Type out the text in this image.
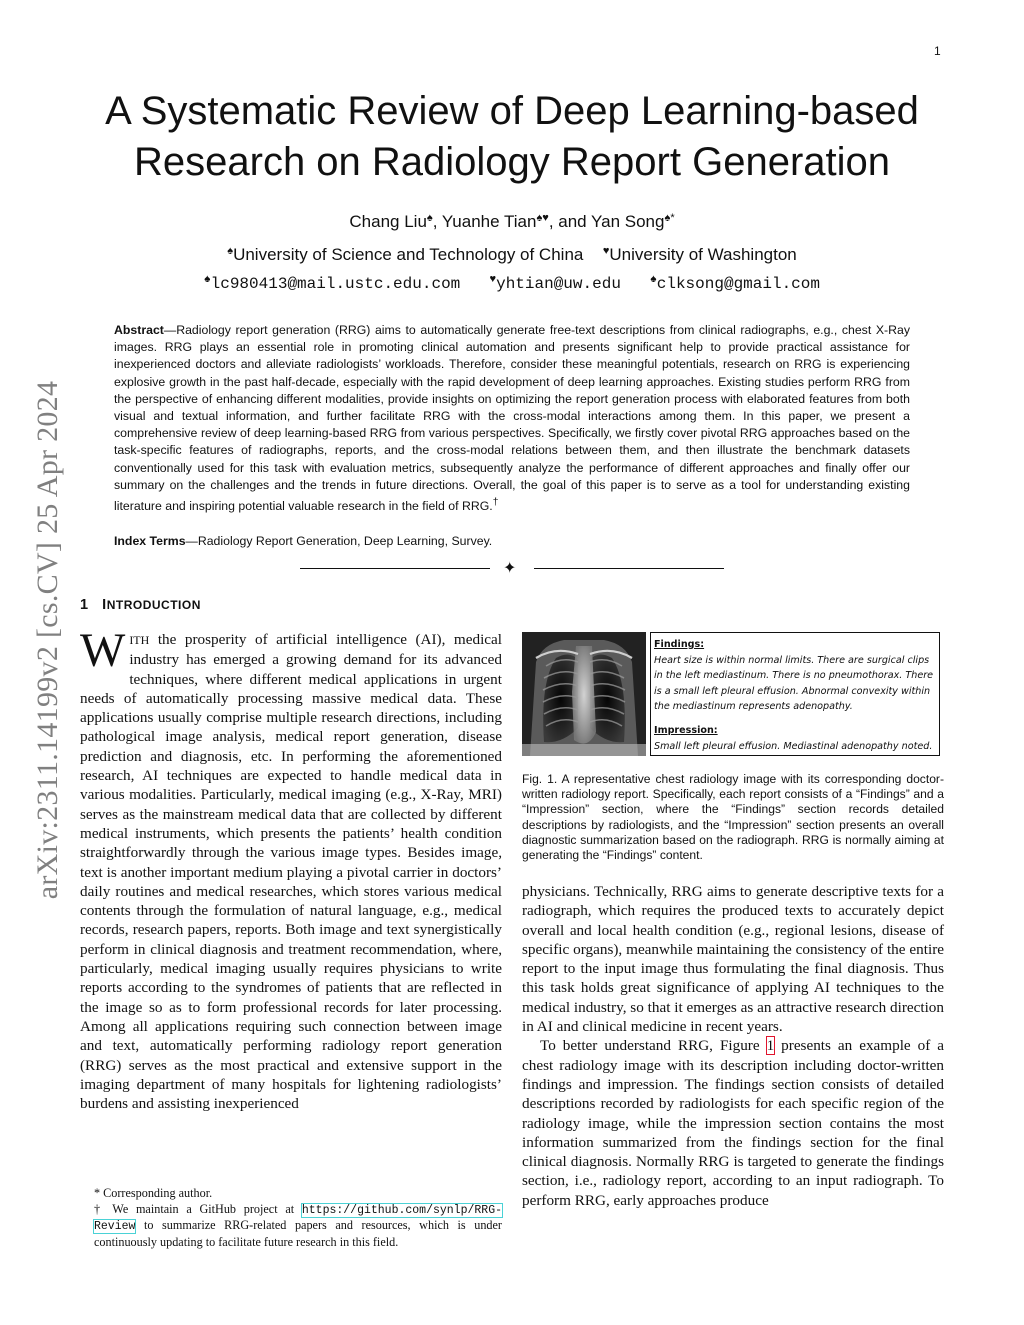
1
arXiv:2311.14199v2 [cs.CV] 25 Apr 2024
A Systematic Review of Deep Learning-based
Research on Radiology Report Generation
Chang Liu♠, Yuanhe Tian♠♥, and Yan Song♠*
♠University of Science and Technology of China ♥University of Washington
♠lc980413@mail.ustc.edu.com	♥yhtian@uw.edu	♠clksong@gmail.com
Abstract—Radiology report generation (RRG) aims to automatically generate free-text descriptions from clinical radiographs, e.g., chest X-Ray images. RRG plays an essential role in promoting clinical automation and presents significant help to provide practical assistance for inexperienced doctors and alleviate radiologists’ workloads. Therefore, consider these meaningful potentials, research on RRG is experiencing explosive growth in the past half-decade, especially with the rapid development of deep learning approaches. Existing studies perform RRG from the perspective of enhancing different modalities, provide insights on optimizing the report generation process with elaborated features from both visual and textual information, and further facilitate RRG with the cross-modal interactions among them. In this paper, we present a comprehensive review of deep learning-based RRG from various perspectives. Specifically, we firstly cover pivotal RRG approaches based on the task-specific features of radiographs, reports, and the cross-modal relations between them, and then illustrate the benchmark datasets conventionally used for this task with evaluation metrics, subsequently analyze the performance of different approaches and finally offer our summary on the challenges and the trends in future directions. Overall, the goal of this paper is to serve as a tool for understanding existing literature and inspiring potential valuable research in the field of RRG.†
Index Terms—Radiology Report Generation, Deep Learning, Survey.
✦
1 INTRODUCTION
WITH the prosperity of artificial intelligence (AI), medical industry has emerged a growing demand for its advanced techniques, where different medical applications in urgent needs of automatically processing massive medical data. These applications usually comprise multiple research directions, including pathological image analysis, medical report generation, disease prediction and diagnosis, etc. In performing the aforementioned research, AI techniques are expected to handle medical data in various modalities. Particularly, medical imaging (e.g., X-Ray, MRI) serves as the mainstream medical data that are collected by different medical instruments, which presents the patients’ health condition straightforwardly through the various image types. Besides image, text is another important medium playing a pivotal carrier in doctors’ daily routines and medical researches, which stores various medical contents through the formulation of natural language, e.g., medical records, research papers, reports. Both image and text synergistically perform in clinical diagnosis and treatment recommendation, where, particularly, medical imaging usually requires physicians to write reports according to the syndromes of patients that are reflected in the image so as to form professional records for later processing. Among all applications requiring such connection between image and text, automatically performing radiology report generation (RRG) serves as the most practical and extensive support in the imaging department of many hospitals for lightening radiologists’ burdens and assisting inexperienced

* Corresponding author.

† We maintain a GitHub project at https://github.com/synlp/RRG-Review to summarize RRG-related papers and resources, which is under continuously updating to facilitate future research in this field.

Findings:
Heart size is within normal limits. There are surgical clips in the left mediastinum. There is no pneumothorax. There is a small left pleural effusion. Abnormal convexity within the mediastinum represents adenopathy.
Impression:
Small left pleural effusion. Mediastinal adenopathy noted.
Fig. 1. A representative chest radiology image with its corresponding doctor-written radiology report. Specifically, each report consists of a “Findings” and a “Impression” section, where the “Findings” section records detailed descriptions by radiologists, and the “Impression” section presents an overall diagnostic summarization based on the radiograph. RRG is normally aiming at generating the “Findings” content.

physicians. Technically, RRG aims to generate descriptive texts for a radiograph, which requires the produced texts to accurately depict overall and local health condition (e.g., regional lesions, disease of specific organs), meanwhile maintaining the consistency of the entire report to the input image thus formulating the final diagnosis. Thus this task holds great significance of applying AI techniques to the medical industry, so that it emerges as an attractive research direction in AI and clinical medicine in recent years.

To better understand RRG, Figure 1 presents an example of a chest radiology image with its description including doctor-written findings and impression. The findings section consists of detailed descriptions recorded by radiologists for each specific region of the radiology image, while the impression section contains the most information summarized from the findings section for the final clinical diagnosis. Normally RRG is targeted to generate the findings section, i.e., radiology report, according to an input radiograph. To perform RRG, early approaches produce
